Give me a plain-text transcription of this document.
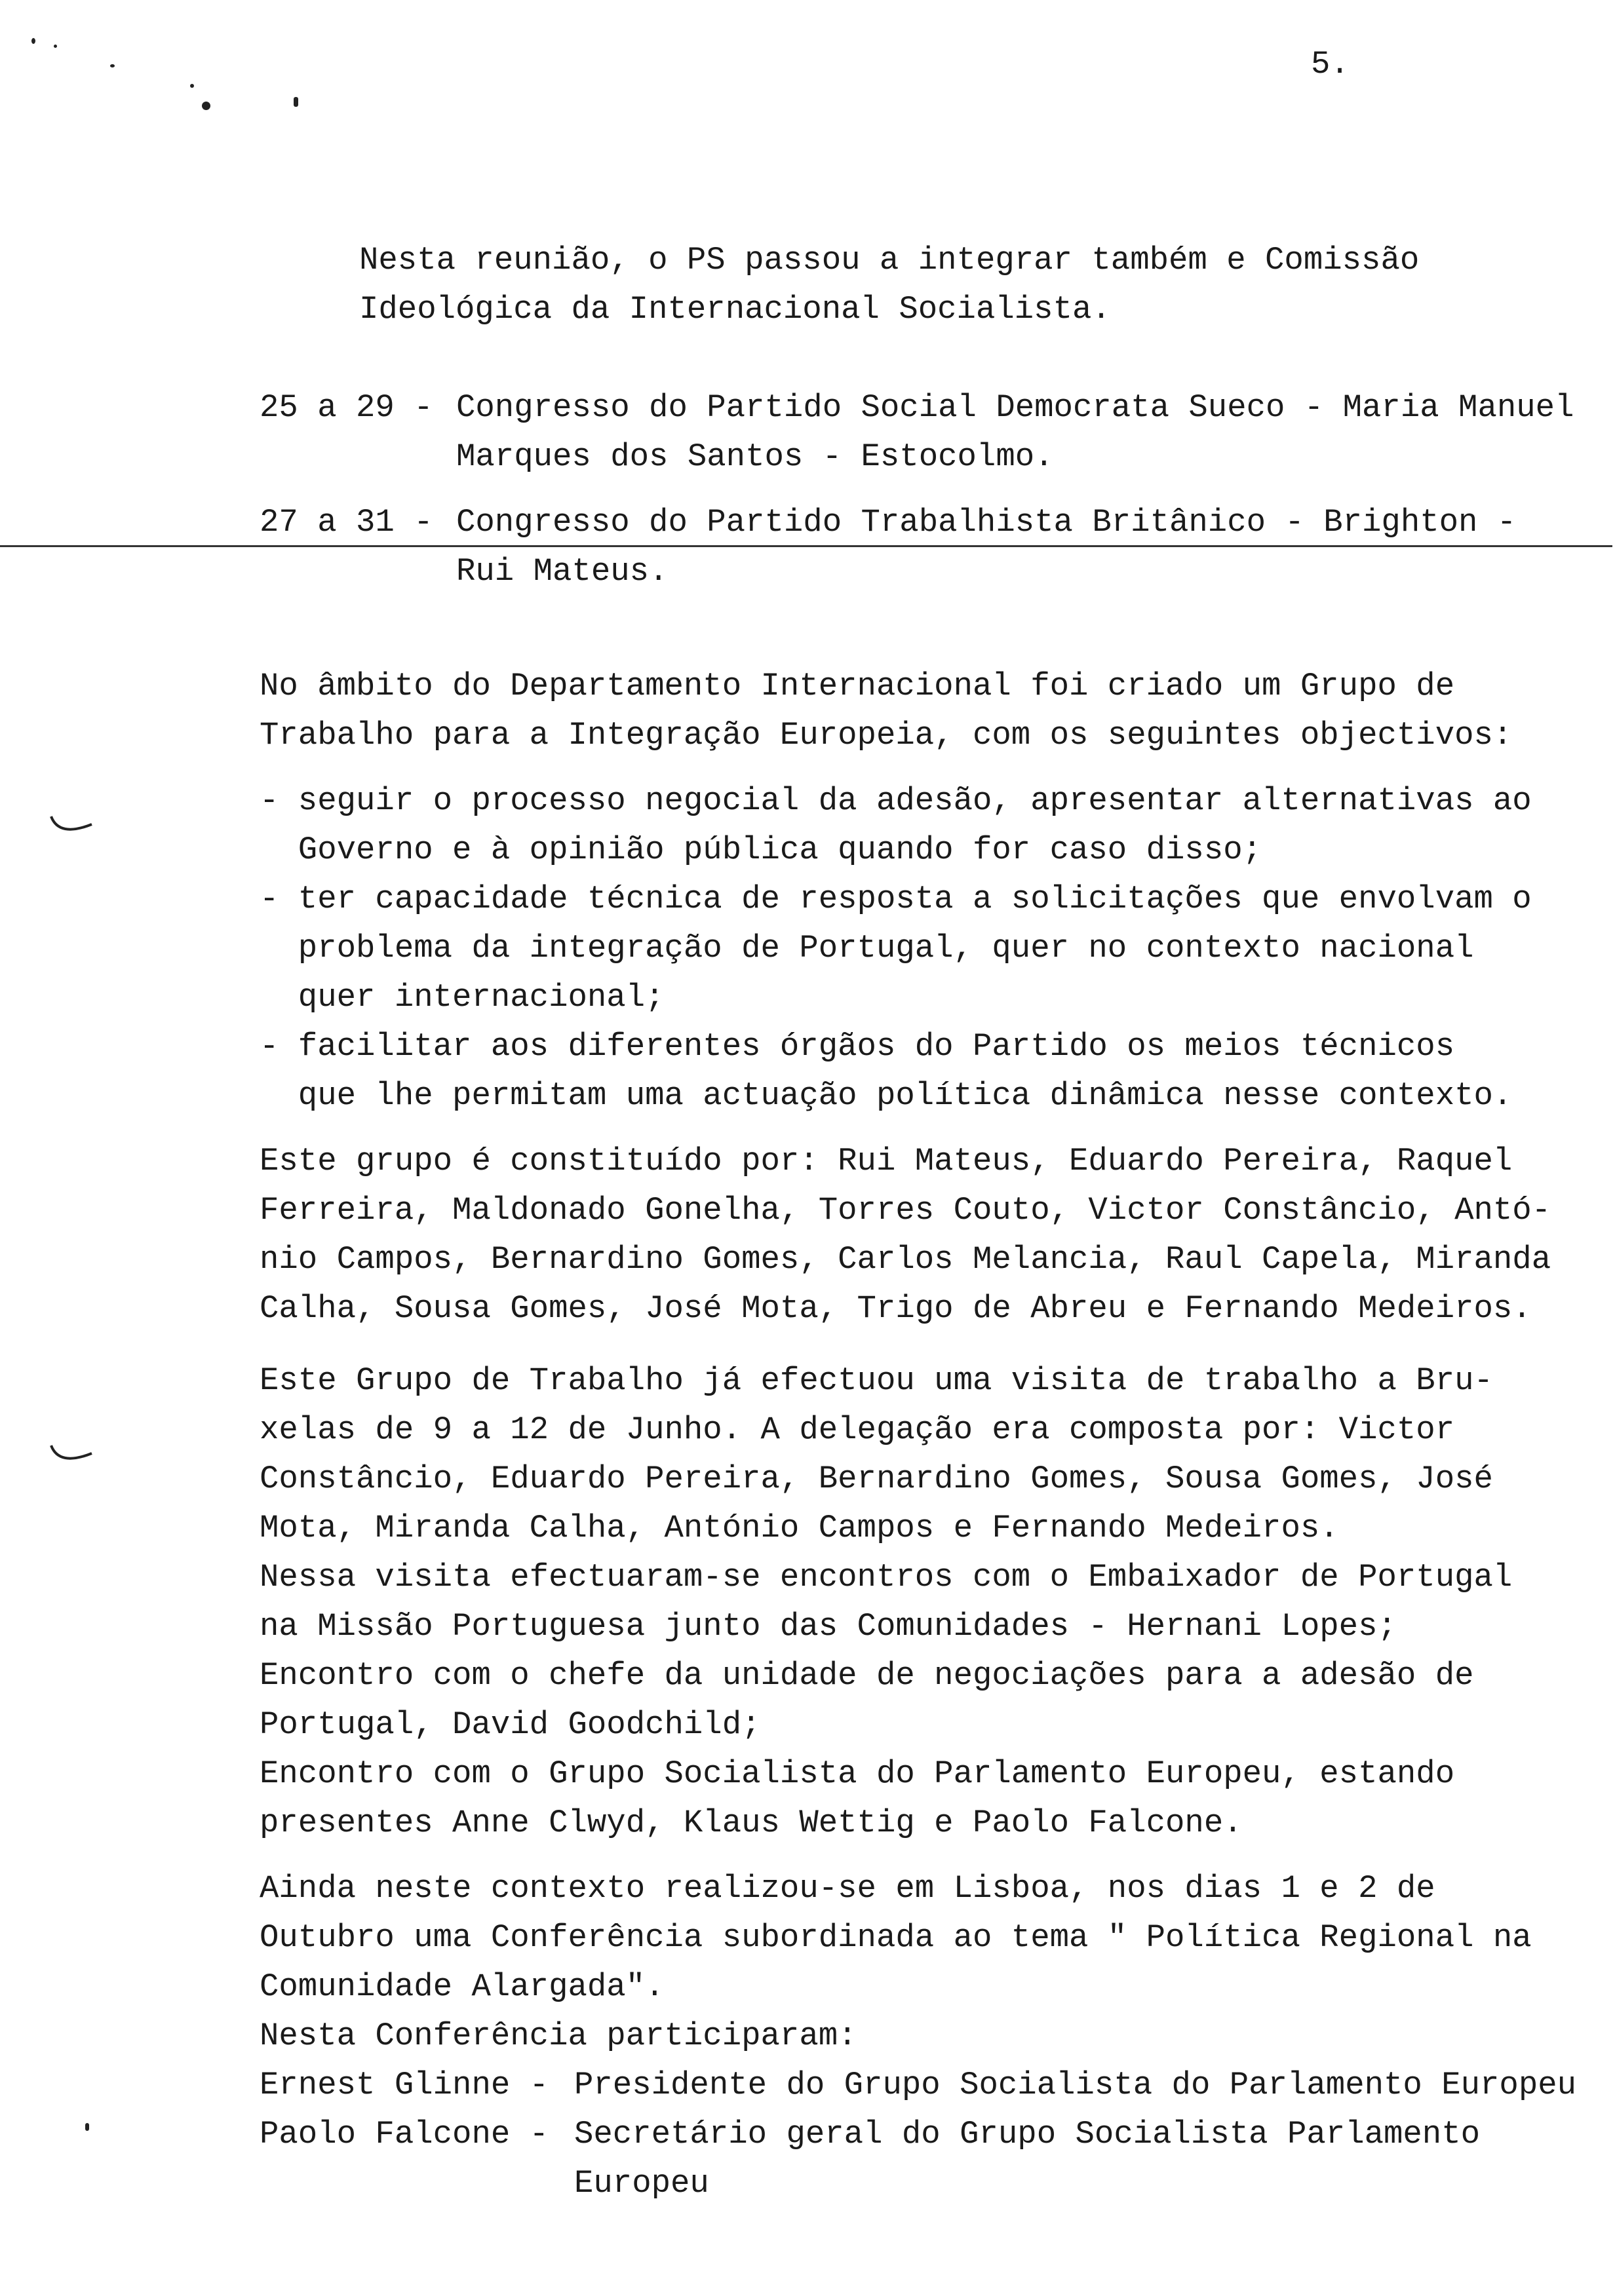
5.
Nesta reunião, o PS passou a integrar também e Comissão
Ideológica da Internacional Socialista.
25 a 29 - Congresso do Partido Social Democrata Sueco - Maria Manuel
Marques dos Santos - Estocolmo.
27 a 31 - Congresso do Partido Trabalhista Britânico - Brighton -
Rui Mateus.
No âmbito do Departamento Internacional foi criado um Grupo de
Trabalho para a Integração Europeia, com os seguintes objectivos:
- seguir o processo negocial da adesão, apresentar alternativas ao
Governo e à opinião pública quando for caso disso;
- ter capacidade técnica de resposta a solicitações que envolvam o
problema da integração de Portugal, quer no contexto nacional
quer internacional;
- facilitar aos diferentes órgãos do Partido os meios técnicos
que lhe permitam uma actuação política dinâmica nesse contexto.
Este grupo é constituído por: Rui Mateus, Eduardo Pereira, Raquel
Ferreira, Maldonado Gonelha, Torres Couto, Victor Constâncio, Antó-
nio Campos, Bernardino Gomes, Carlos Melancia, Raul Capela, Miranda
Calha, Sousa Gomes, José Mota, Trigo de Abreu e Fernando Medeiros.
Este Grupo de Trabalho já efectuou uma visita de trabalho a Bru-
xelas de 9 a 12 de Junho. A delegação era composta por: Victor
Constâncio, Eduardo Pereira, Bernardino Gomes, Sousa Gomes, José
Mota, Miranda Calha, António Campos e Fernando Medeiros.
Nessa visita efectuaram-se encontros com o Embaixador de Portugal
na Missão Portuguesa junto das Comunidades - Hernani Lopes;
Encontro com o chefe da unidade de negociações para a adesão de
Portugal, David Goodchild;
Encontro com o Grupo Socialista do Parlamento Europeu, estando
presentes Anne Clwyd, Klaus Wettig e Paolo Falcone.
Ainda neste contexto realizou-se em Lisboa, nos dias 1 e 2 de
Outubro uma Conferência subordinada ao tema " Política Regional na
Comunidade Alargada".
Nesta Conferência participaram:
Ernest Glinne - Presidente do Grupo Socialista do Parlamento Europeu
Paolo Falcone - Secretário geral do Grupo Socialista Parlamento
Europeu
